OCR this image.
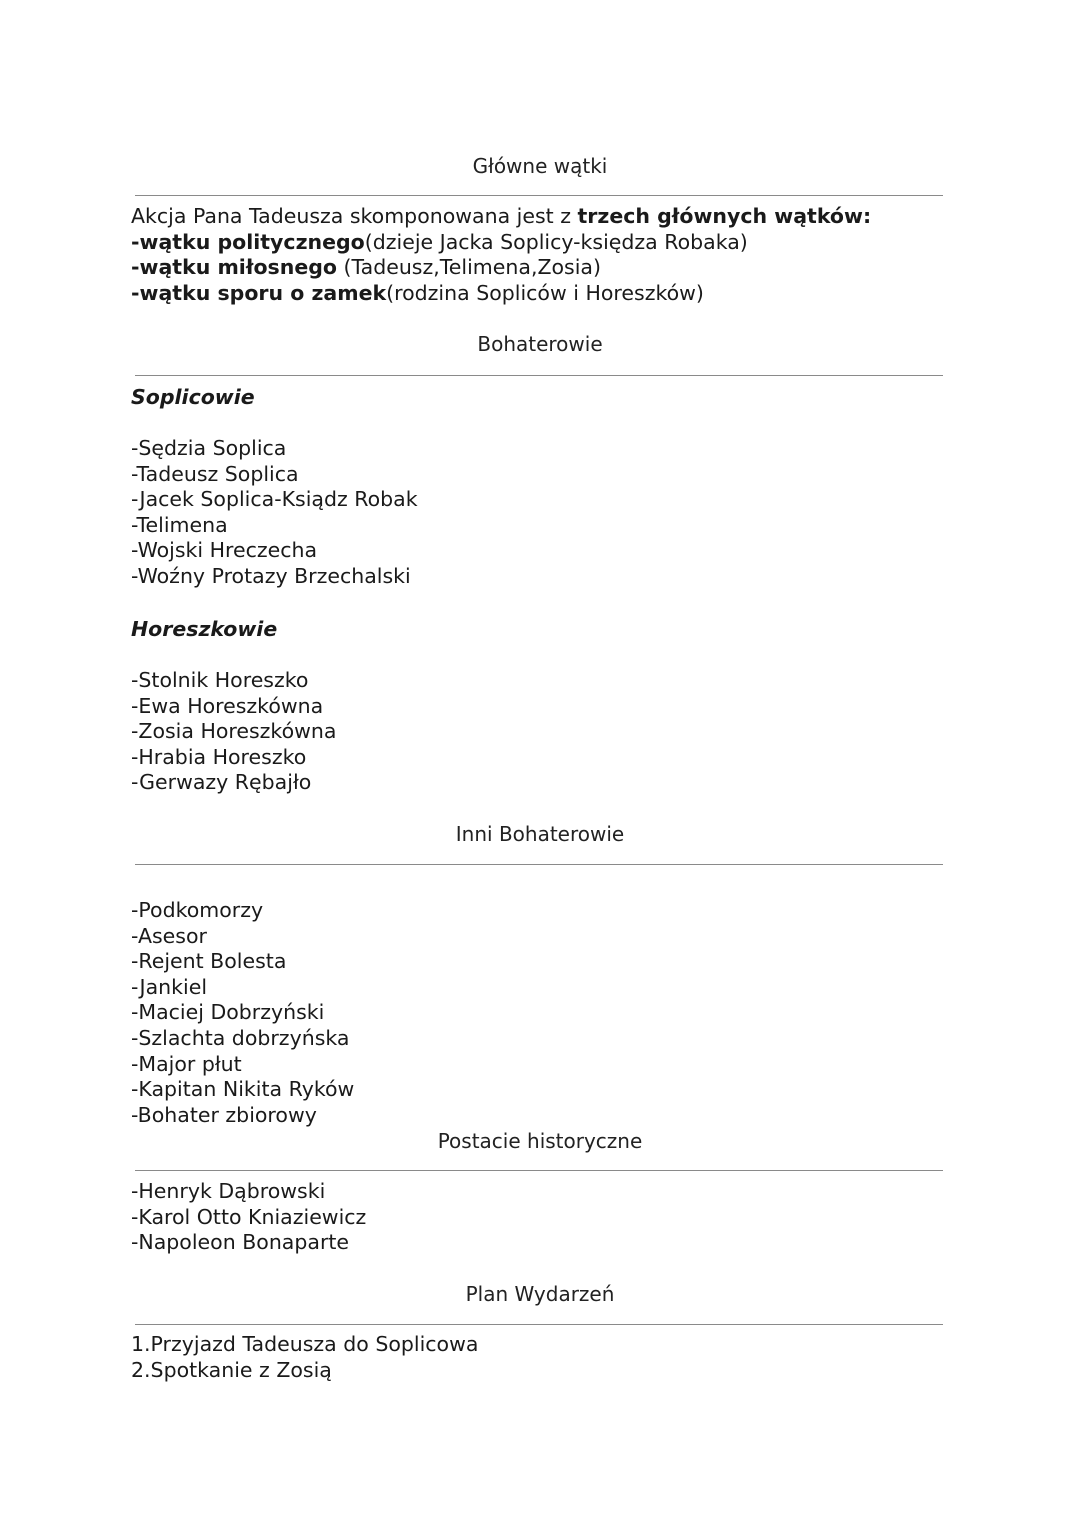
Główne wątki
Akcja Pana Tadeusza skomponowana jest z trzech głównych wątków:
-wątku politycznego(dzieje Jacka Soplicy-księdza Robaka)
-wątku miłosnego (Tadeusz,Telimena,Zosia)
-wątku sporu o zamek(rodzina Sopliców i Horeszków)
Bohaterowie
Soplicowie
-Sędzia Soplica
-Tadeusz Soplica
-Jacek Soplica-Ksiądz Robak
-Telimena
-Wojski Hreczecha
-Woźny Protazy Brzechalski
Horeszkowie
-Stolnik Horeszko
-Ewa Horeszkówna
-Zosia Horeszkówna
-Hrabia Horeszko
-Gerwazy Rębajło
Inni Bohaterowie
-Podkomorzy
-Asesor
-Rejent Bolesta
-Jankiel
-Maciej Dobrzyński
-Szlachta dobrzyńska
-Major płut
-Kapitan Nikita Ryków
-Bohater zbiorowy
Postacie historyczne
-Henryk Dąbrowski
-Karol Otto Kniaziewicz
-Napoleon Bonaparte
Plan Wydarzeń
1.Przyjazd Tadeusza do Soplicowa
2.Spotkanie z Zosią
